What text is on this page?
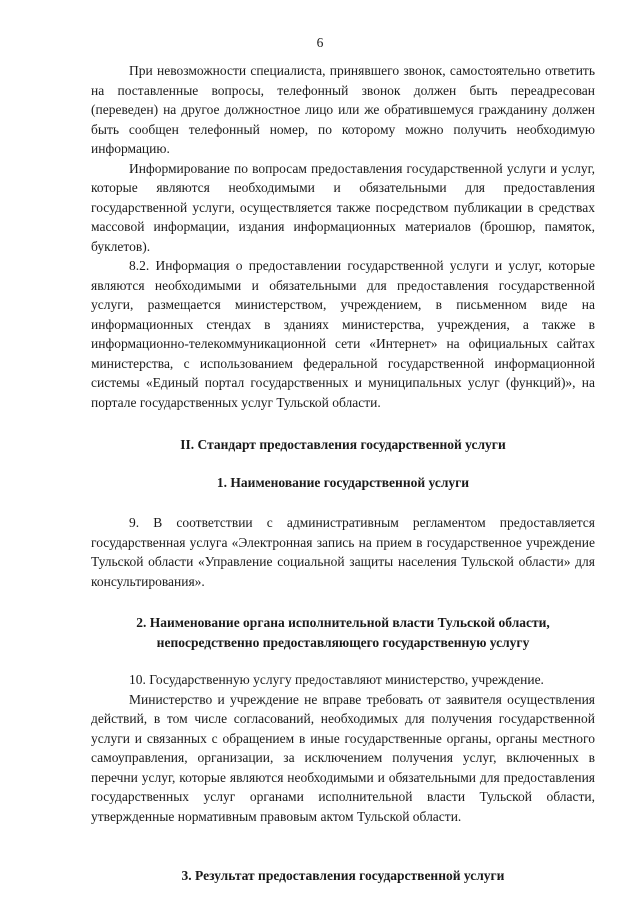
6

При невозможности специалиста, принявшего звонок, самостоятельно ответить на поставленные вопросы, телефонный звонок должен быть переадресован (переведен) на другое должностное лицо или же обратившемуся гражданину должен быть сообщен телефонный номер, по которому можно получить необходимую информацию.

Информирование по вопросам предоставления государственной услуги и услуг, которые являются необходимыми и обязательными для предоставления государственной услуги, осуществляется также посредством публикации в средствах массовой информации, издания информационных материалов (брошюр, памяток, буклетов).

8.2. Информация о предоставлении государственной услуги и услуг, которые являются необходимыми и обязательными для предоставления государственной услуги, размещается министерством, учреждением, в письменном виде на информационных стендах в зданиях министерства, учреждения, а также в информационно-телекоммуникационной сети «Интернет» на официальных сайтах министерства, с использованием федеральной государственной информационной системы «Единый портал государственных и муниципальных услуг (функций)», на портале государственных услуг Тульской области.

II. Стандарт предоставления государственной услуги

1. Наименование государственной услуги

9. В соответствии с административным регламентом предоставляется государственная услуга «Электронная запись на прием в государственное учреждение Тульской области «Управление социальной защиты населения Тульской области» для консультирования».

2. Наименование органа исполнительной власти Тульской области,
непосредственно предоставляющего государственную услугу

10. Государственную услугу предоставляют министерство, учреждение.

Министерство и учреждение не вправе требовать от заявителя осуществления действий, в том числе согласований, необходимых для получения государственной услуги и связанных с обращением в иные государственные органы, органы местного самоуправления, организации, за исключением получения услуг, включенных в перечни услуг, которые являются необходимыми и обязательными для предоставления государственных услуг органами исполнительной власти Тульской области, утвержденные нормативным правовым актом Тульской области.

3. Результат предоставления государственной услуги
